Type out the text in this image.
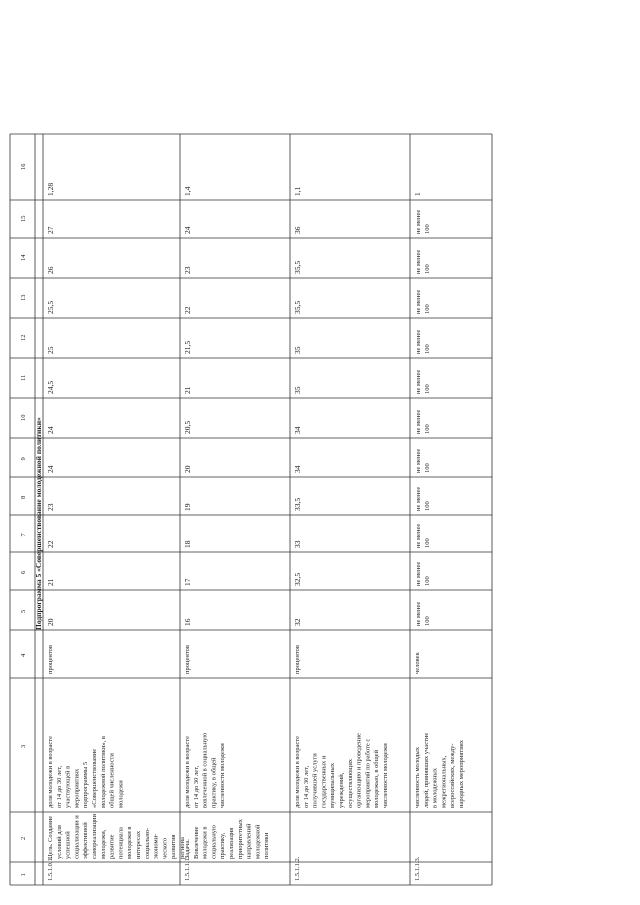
1
2
3
4
5
6
7
8
9
10
11
12
13
14
15
16
Подпрограмма 5 «Совершенствование молодежной политики»
1.5.1.0.1.
Цель. Создание условий для успешной социализации и эффективной самореализации молодежи, развитие потенциала молодежи в интересах социально- экономи- ческого развития региона
доля молодежи в возрасте от 14 до 30 лет, участвующей в мероприятиях подпрограммы 5 «Совершенствование молодежной политики», в общей численности молодежи
процентов
20
21
22
23
24
24
24,5
25
25,5
26
27
1,28
1.5.1.1.1.
Задача. Вовлечение молодежи в социальную практику, реализация приоритетных направлений молодежной политики
доля молодежи в возрасте от 14 до 30 лет, вовлеченной в социальную практику, в общей численности молодежи
процентов
16
17
18
19
20
20,5
21
21,5
22
23
24
1,4
1.5.1.1.2.
доля молодежи в возрасте от 14 до 30 лет, получившей услуги государственных и муниципальных учреждений, осуществляющих организацию и проведение мероприятий по работе с молодежью, в общей численности молодежи
процентов
32
32,5
33
33,5
34
34
35
35
35,5
35,5
36
1,1
1.5.1.1.3.
численность молодых людей, принявших участие в молодежных межрегиональных, всероссийских, между- народных мероприятиях
человек
не менее 100
не менее 100
не менее 100
не менее 100
не менее 100
не менее 100
не менее 100
не менее 100
не менее 100
не менее 100
не менее 100
1
